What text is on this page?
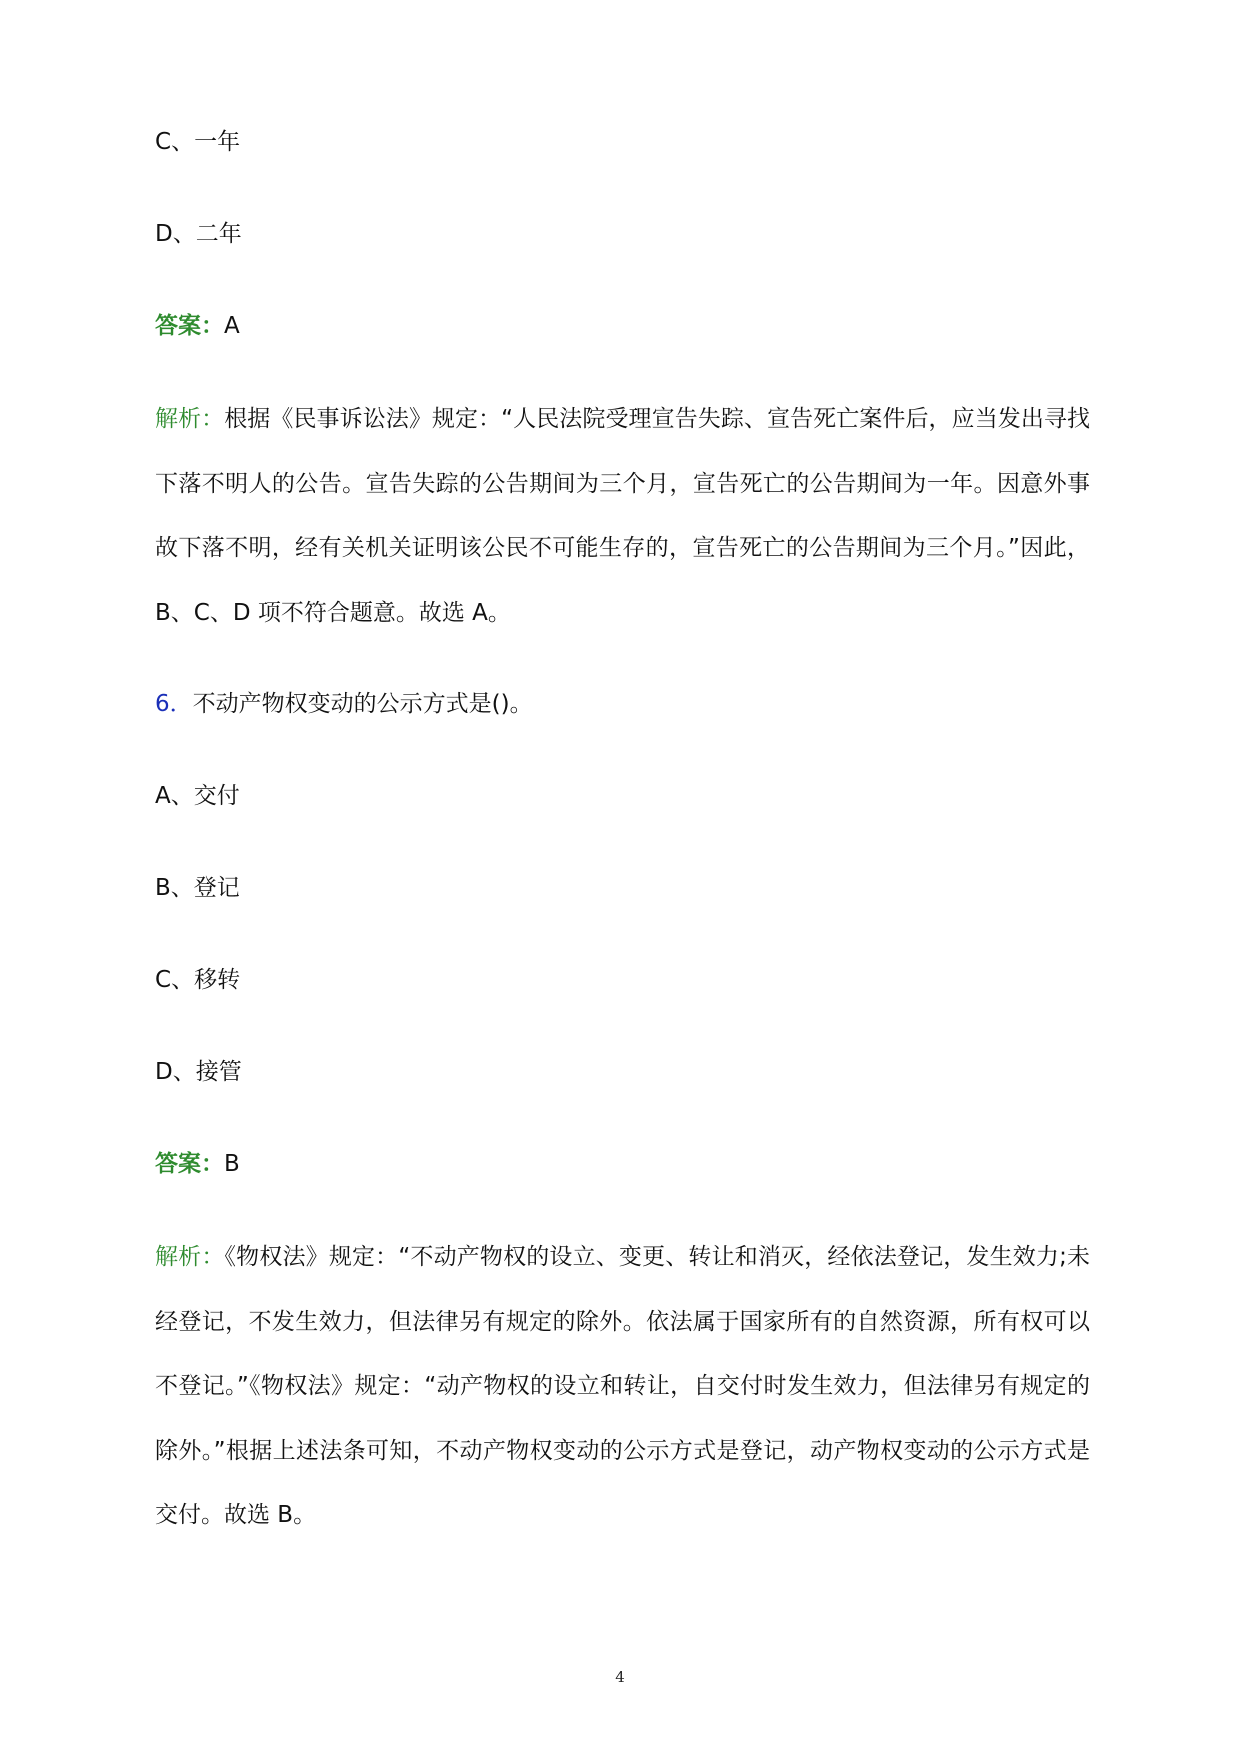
C、一年
D、二年
答案：A
解析：根据《民事诉讼法》规定：“人民法院受理宣告失踪、宣告死亡案件后，应当发出寻找下落不明人的公告。宣告失踪的公告期间为三个月，宣告死亡的公告期间为一年。因意外事故下落不明，经有关机关证明该公民不可能生存的，宣告死亡的公告期间为三个月。”因此，B、C、D 项不符合题意。故选 A。
6．不动产物权变动的公示方式是()。
A、交付
B、登记
C、移转
D、接管
答案：B
解析：《物权法》规定：“不动产物权的设立、变更、转让和消灭，经依法登记，发生效力;未经登记，不发生效力，但法律另有规定的除外。依法属于国家所有的自然资源，所有权可以不登记。”《物权法》规定：“动产物权的设立和转让，自交付时发生效力，但法律另有规定的除外。”根据上述法条可知，不动产物权变动的公示方式是登记，动产物权变动的公示方式是交付。故选 B。
4
